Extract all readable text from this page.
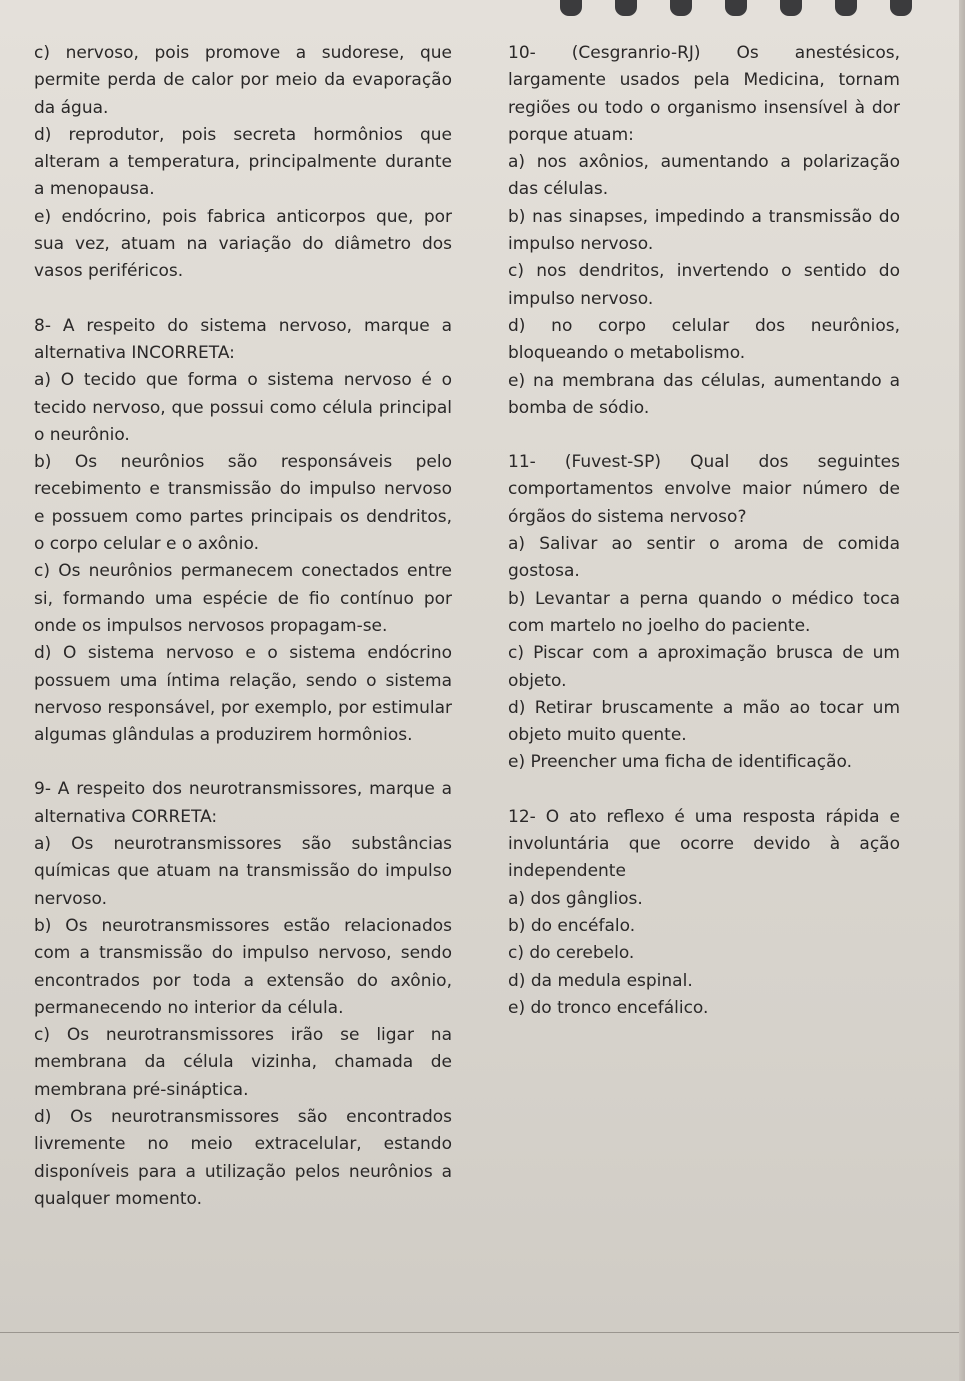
c) nervoso, pois promove a sudorese, que permite perda de calor por meio da evaporação da água.

d) reprodutor, pois secreta hormônios que alteram a temperatura, principalmente durante a menopausa.

e) endócrino, pois fabrica anticorpos que, por sua vez, atuam na variação do diâmetro dos vasos periféricos.

8- A respeito do sistema nervoso, marque a alternativa INCORRETA:

a) O tecido que forma o sistema nervoso é o tecido nervoso, que possui como célula principal o neurônio.

b) Os neurônios são responsáveis pelo recebimento e transmissão do impulso nervoso e possuem como partes principais os dendritos, o corpo celular e o axônio.

c) Os neurônios permanecem conectados entre si, formando uma espécie de fio contínuo por onde os impulsos nervosos propagam-se.

d) O sistema nervoso e o sistema endócrino possuem uma íntima relação, sendo o sistema nervoso responsável, por exemplo, por estimular algumas glândulas a produzirem hormônios.

9- A respeito dos neurotransmissores, marque a alternativa CORRETA:

a) Os neurotransmissores são substâncias químicas que atuam na transmissão do impulso nervoso.

b) Os neurotransmissores estão relacionados com a transmissão do impulso nervoso, sendo encontrados por toda a extensão do axônio, permanecendo no interior da célula.

c) Os neurotransmissores irão se ligar na membrana da célula vizinha, chamada de membrana pré-sináptica.

d) Os neurotransmissores são encontrados livremente no meio extracelular, estando disponíveis para a utilização pelos neurônios a qualquer momento.

10- (Cesgranrio-RJ) Os anestésicos, largamente usados pela Medicina, tornam regiões ou todo o organismo insensível à dor porque atuam:

a) nos axônios, aumentando a polarização das células.

b) nas sinapses, impedindo a transmissão do impulso nervoso.

c) nos dendritos, invertendo o sentido do impulso nervoso.

d) no corpo celular dos neurônios, bloqueando o metabolismo.

e) na membrana das células, aumentando a bomba de sódio.

11- (Fuvest-SP) Qual dos seguintes comportamentos envolve maior número de órgãos do sistema nervoso?

a) Salivar ao sentir o aroma de comida gostosa.

b) Levantar a perna quando o médico toca com martelo no joelho do paciente.

c) Piscar com a aproximação brusca de um objeto.

d) Retirar bruscamente a mão ao tocar um objeto muito quente.

e) Preencher uma ficha de identificação.

12- O ato reflexo é uma resposta rápida e involuntária que ocorre devido à ação independente

a) dos gânglios.

b) do encéfalo.

c) do cerebelo.

d) da medula espinal.

e) do tronco encefálico.
